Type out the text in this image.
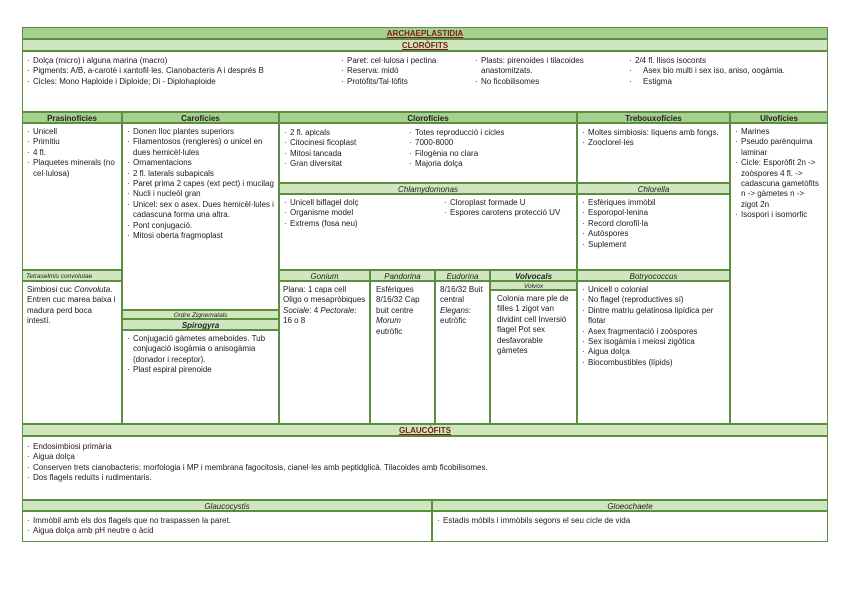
ARCHAEPLASTIDIA
CLORÒFITS
· Dolça (micro) i alguna marina (macro)
· Pigments: A/B, a-carotè i xantofil·les. Cianobacteris A i després B
· Cicles: Mono Haploide i Diploide; Di - Diplohaploide
· Paret: cel·lulosa i pectina
· Reserva: midó
· Protòfits/Tal·lòfits
· Plasts: pirenoides i tilacoides anastomitzats.
· No ficobilisomes
· 2/4 fl. llisos isoconts
· Asex bio multi i sex iso, aniso, oogàmia.
· Estigma
Prasinofícies	Carofícies	Clorofícies	Trebouxofícies	Ulvofícies
· Unicell
· Primitiu
· 4 fl.
· Plaquetes minerals (no cel·lulosa)
Tetraselmis convolutae
Simbiosi cuc Convoluta. Entren cuc marea baixa i madura perd boca intestí.
· Donen lloc plantes superiors
· Filamentosos (rengleres) o unicel en dues hemicèl·lules
· Ornamentacions
· 2 fl. laterals subapicals
· Paret prima 2 capes (ext pect) i mucilag
· Nucli i nucleòl gran
· Unicel: sex o asex. Dues hemicèl·lules i cadascuna forma una altra.
· Pont conjugació.
· Mitosi oberta fragmoplast
Ordre Zignematals
Spirogyra
· Conjugació gàmetes ameboides. Tub conjugació isogàmia o anisogàmia (donador i receptor).
· Plast espiral pirenoide
· 2 fl. apicals
· Citocinesi ficoplast
· Mitosi tancada
· Gran diversitat
· Totes reproducció i cicles
· 7000-8000
· Filogènia no clara
· Majoria dolça
Chlamydomonas
· Unicell biflagel dolç
· Organisme model
· Extrems (fosa neu)
· Cloroplast formade U
· Espores carotens protecció UV
Gonium	Pandorina	Eudorina	Volvocals
Plana: 1 capa cell Oligo o mesapròbiques Sociale: 4 Pectorale: 16 o 8
Esfèriques 8/16/32 Cap buit centre Morum eutròfic
8/16/32 Buit central Elegans: eutròfic
Volvox
Colonia mare ple de filles 1 zigot van dividint cell Inversió flagel Pot sex desfavorable gàmetes
· Moltes simbiosis: líquens amb fongs.
· Zooclorel·les
Chlorella
· Esfèriques immòbil
· Esporopol·lenina
· Record clorofil·la
· Autòspores
· Suplement
Botryococcus
· Unicell o colonial
· No flagel (reproductives sí)
· Dintre matriu gelatinosa lipídica per flotar
· Asex fragmentació i zoòspores
· Sex isogàmia i meiosi zigòtica
· Aigua dolça
· Biocombustibles (lípids)
· Marines
· Pseudo parènquima laminar
· Cicle: Esporòfit 2n -> zoòspores 4 fl. -> cadascuna gametòfits n -> gàmetes n -> zigot 2n
· Isospori i isomorfic
GLAUCÒFITS
· Endosimbiosi primària
· Aigua dolça
· Conserven trets cianobacteris: morfologia i MP i membrana fagocitosis, cianel·les amb peptidglicà. Tilacoides amb ficobilisomes.
· Dos flagels reduïts i rudimentaris.
Glaucocystis	Gloeochaete
· Immòbil amb els dos flagels que no traspassen la paret.
· Aigua dolça amb pH neutre o àcid
· Estadis mòbils i immòbils segons el seu cicle de vida
